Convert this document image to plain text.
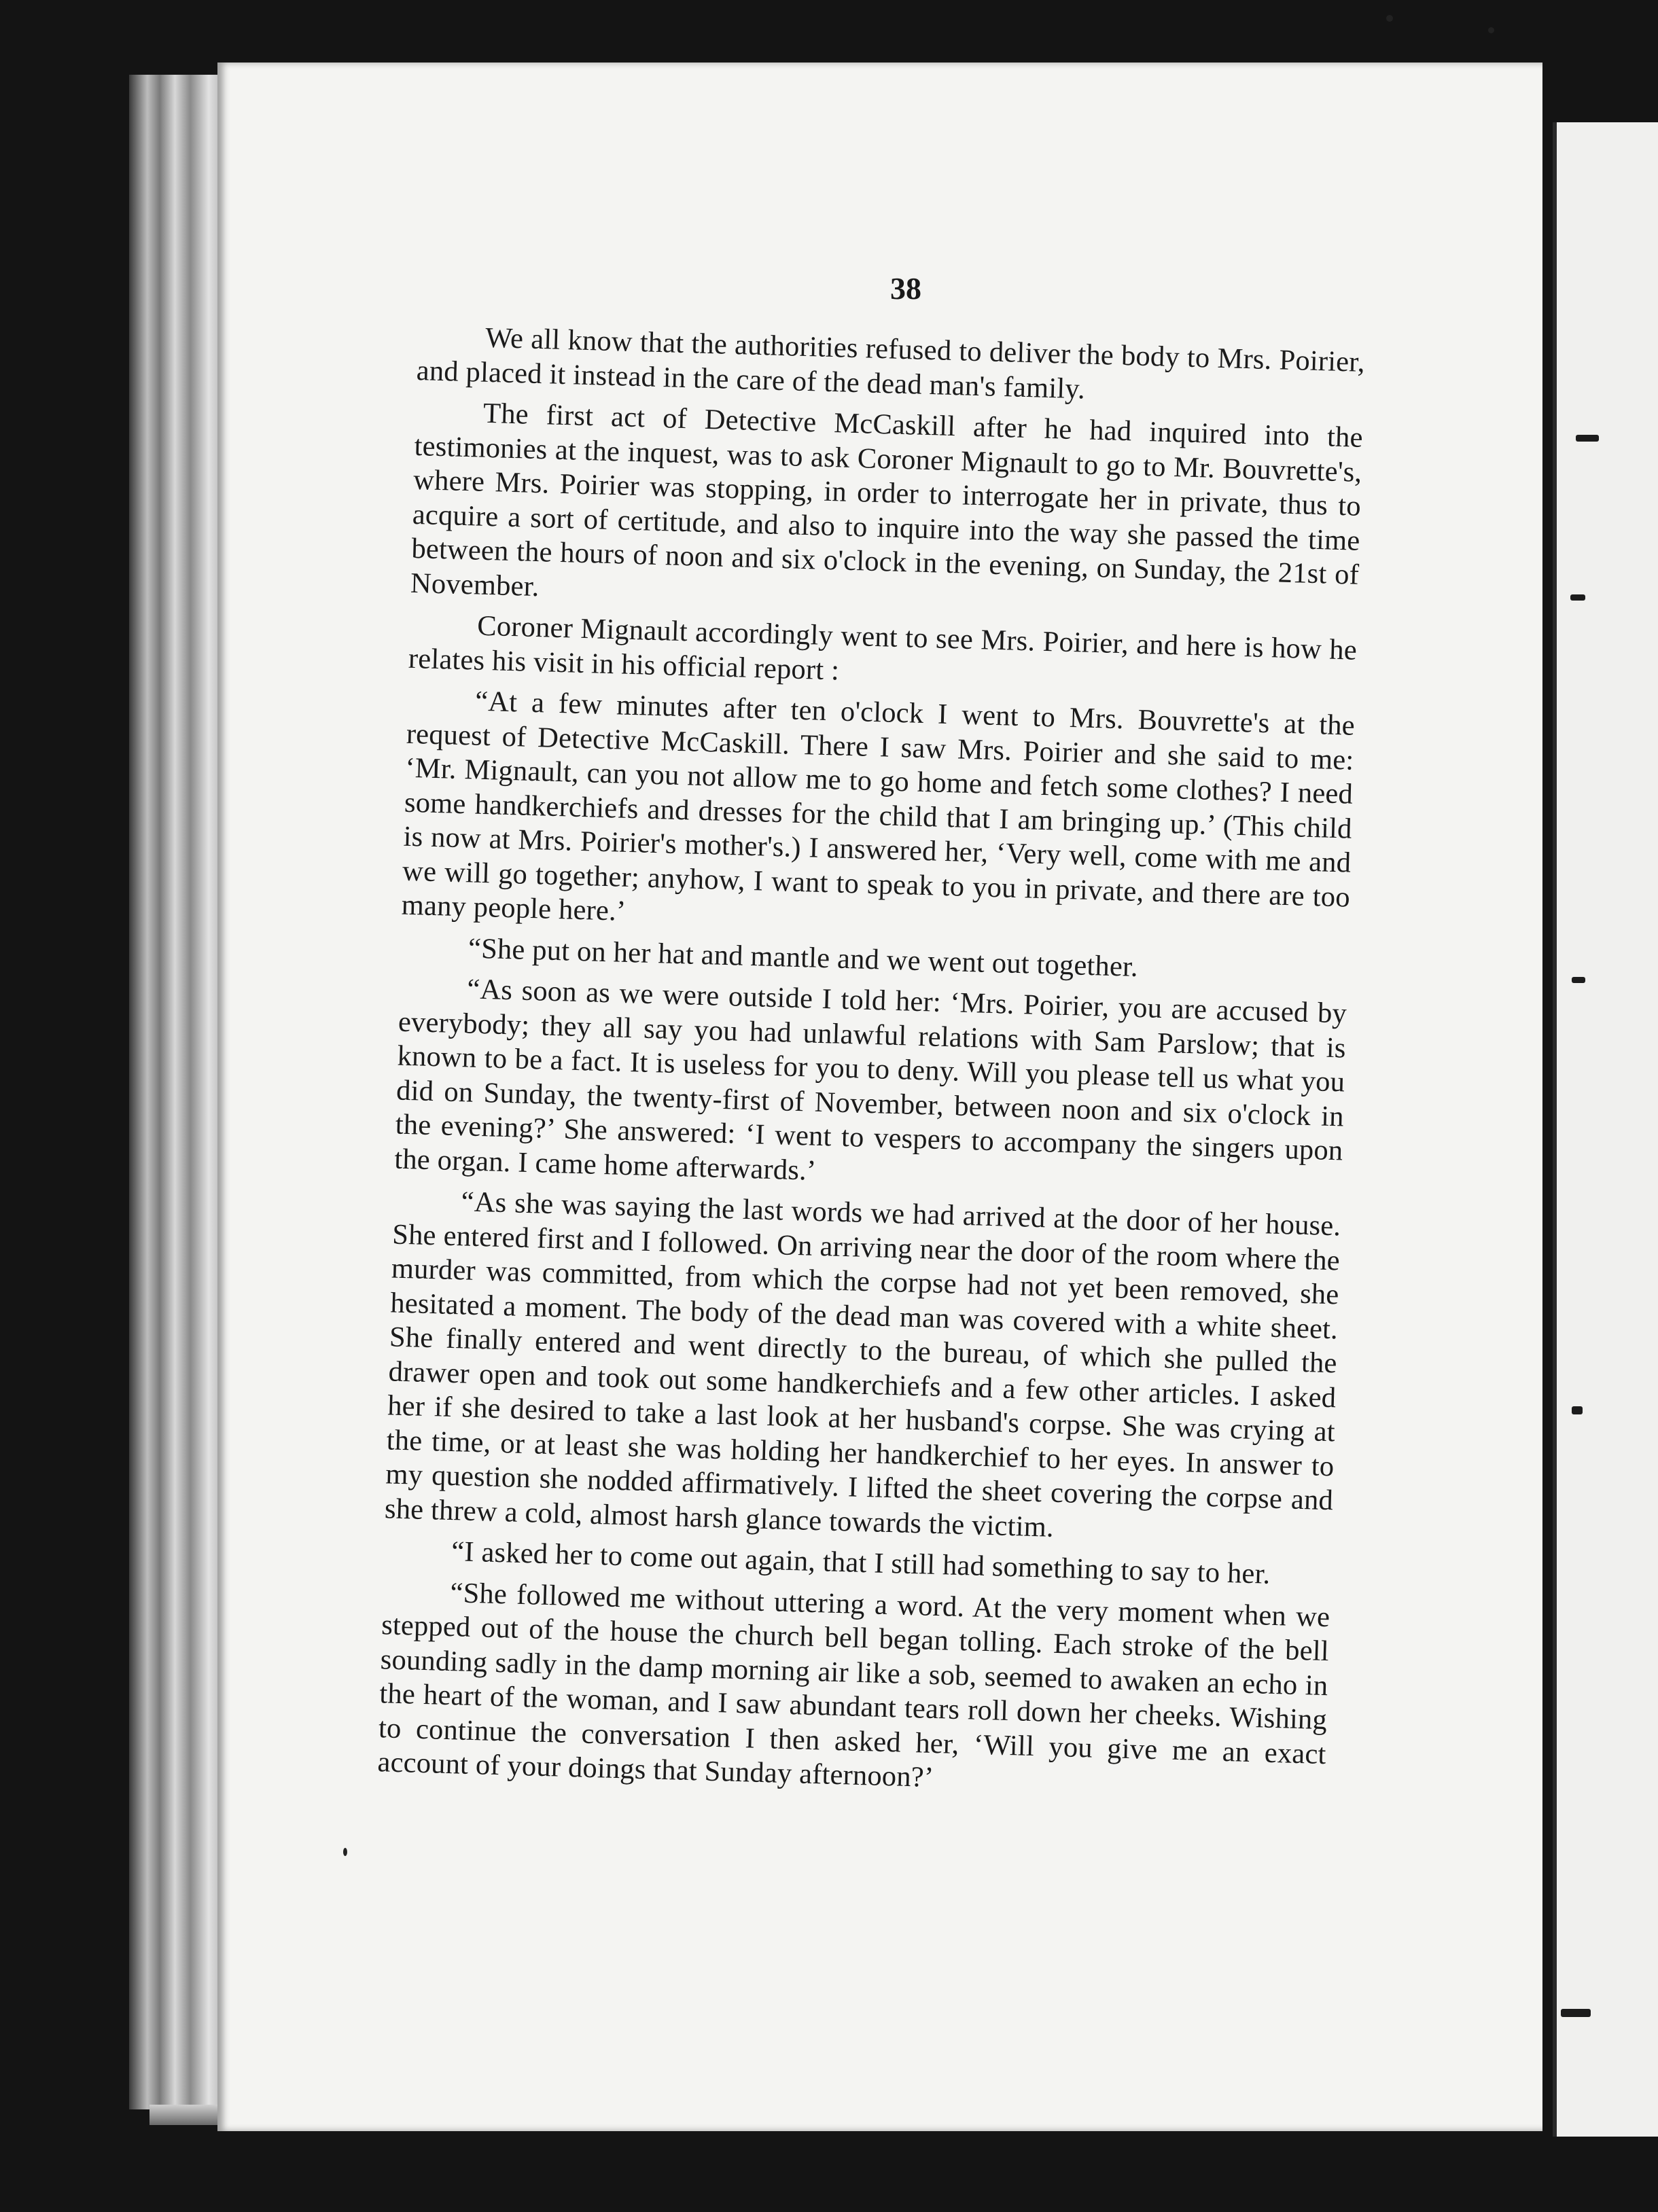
38

We all know that the authorities refused to deliver the body to Mrs. Poirier, and placed it instead in the care of the dead man's family.

The first act of Detective McCaskill after he had inquired into the testimonies at the inquest, was to ask Coroner Mignault to go to Mr. Bouvrette's, where Mrs. Poirier was stopping, in order to interrogate her in private, thus to acquire a sort of certitude, and also to inquire into the way she passed the time between the hours of noon and six o'clock in the evening, on Sunday, the 21st of November.

Coroner Mignault accordingly went to see Mrs. Poirier, and here is how he relates his visit in his official report :

“At a few minutes after ten o'clock I went to Mrs. Bouvrette's at the request of Detective McCaskill. There I saw Mrs. Poirier and she said to me: ‘Mr. Mignault, can you not allow me to go home and fetch some clothes? I need some handkerchiefs and dresses for the child that I am bringing up.’ (This child is now at Mrs. Poirier's mother's.) I answered her, ‘Very well, come with me and we will go together; anyhow, I want to speak to you in private, and there are too many people here.’

“She put on her hat and mantle and we went out together.

“As soon as we were outside I told her: ‘Mrs. Poirier, you are accused by everybody; they all say you had unlawful relations with Sam Parslow; that is known to be a fact. It is useless for you to deny. Will you please tell us what you did on Sunday, the twenty-first of November, between noon and six o'clock in the evening?’ She answered: ‘I went to vespers to accompany the singers upon the organ. I came home afterwards.’

“As she was saying the last words we had arrived at the door of her house. She entered first and I followed. On arriving near the door of the room where the murder was committed, from which the corpse had not yet been removed, she hesitated a moment. The body of the dead man was covered with a white sheet. She finally entered and went directly to the bureau, of which she pulled the drawer open and took out some handkerchiefs and a few other articles. I asked her if she desired to take a last look at her husband's corpse. She was crying at the time, or at least she was holding her handkerchief to her eyes. In answer to my question she nodded affirmatively. I lifted the sheet covering the corpse and she threw a cold, almost harsh glance towards the victim.

“I asked her to come out again, that I still had something to say to her.

“She followed me without uttering a word. At the very moment when we stepped out of the house the church bell began tolling. Each stroke of the bell sounding sadly in the damp morning air like a sob, seemed to awaken an echo in the heart of the woman, and I saw abundant tears roll down her cheeks. Wishing to continue the conversation I then asked her, ‘Will you give me an exact account of your doings that Sunday afternoon?’
